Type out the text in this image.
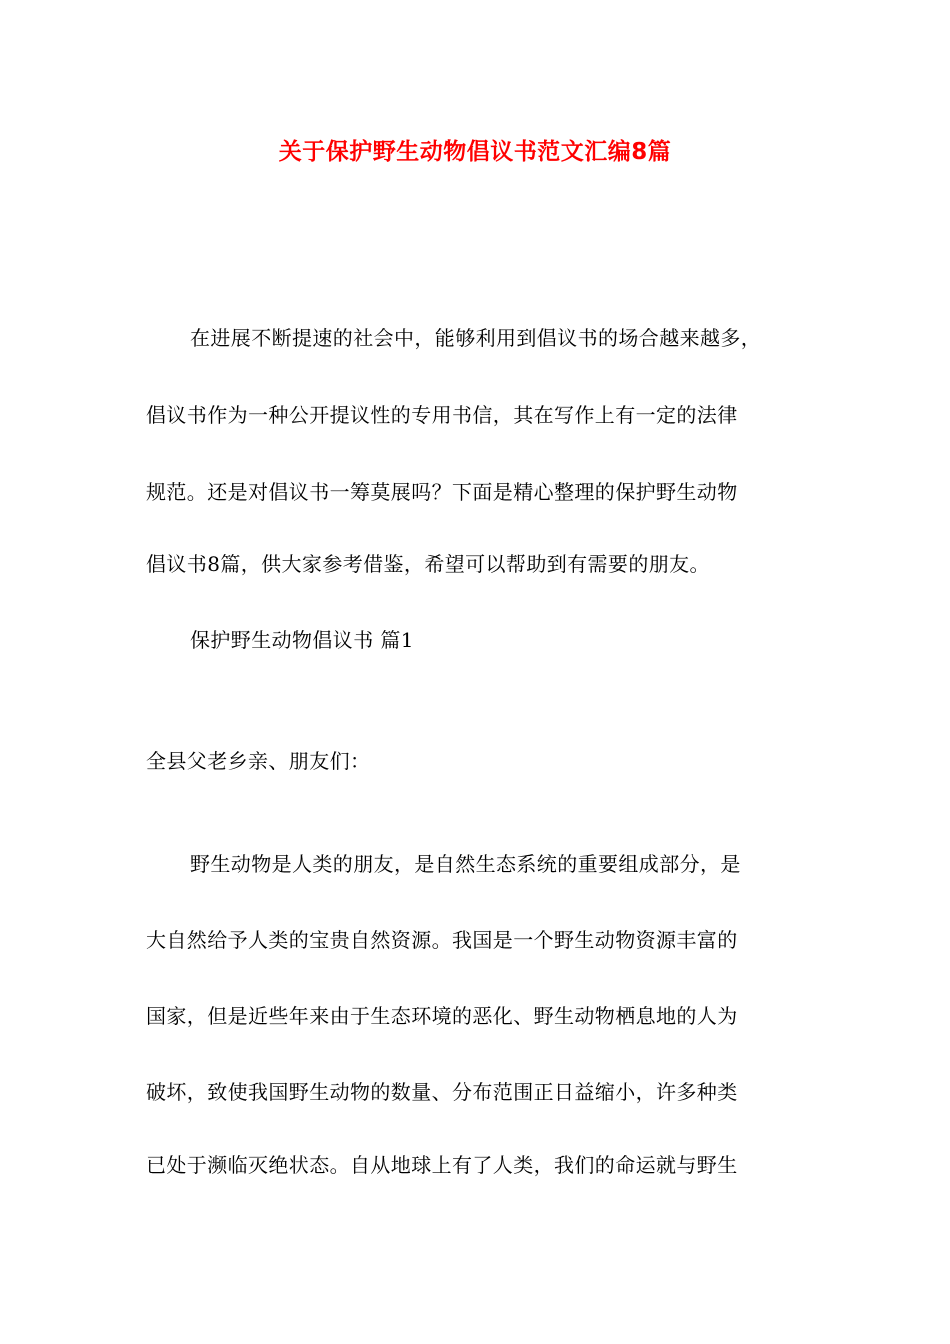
关于保护野生动物倡议书范文汇编8篇
在进展不断提速的社会中，能够利用到倡议书的场合越来越多，
倡议书作为一种公开提议性的专用书信，其在写作上有一定的法律
规范。还是对倡议书一筹莫展吗？下面是精心整理的保护野生动物
倡议书8篇，供大家参考借鉴，希望可以帮助到有需要的朋友。
保护野生动物倡议书 篇1
全县父老乡亲、朋友们：
野生动物是人类的朋友，是自然生态系统的重要组成部分，是
大自然给予人类的宝贵自然资源。我国是一个野生动物资源丰富的
国家，但是近些年来由于生态环境的恶化、野生动物栖息地的人为
破坏，致使我国野生动物的数量、分布范围正日益缩小，许多种类
已处于濒临灭绝状态。自从地球上有了人类，我们的命运就与野生
